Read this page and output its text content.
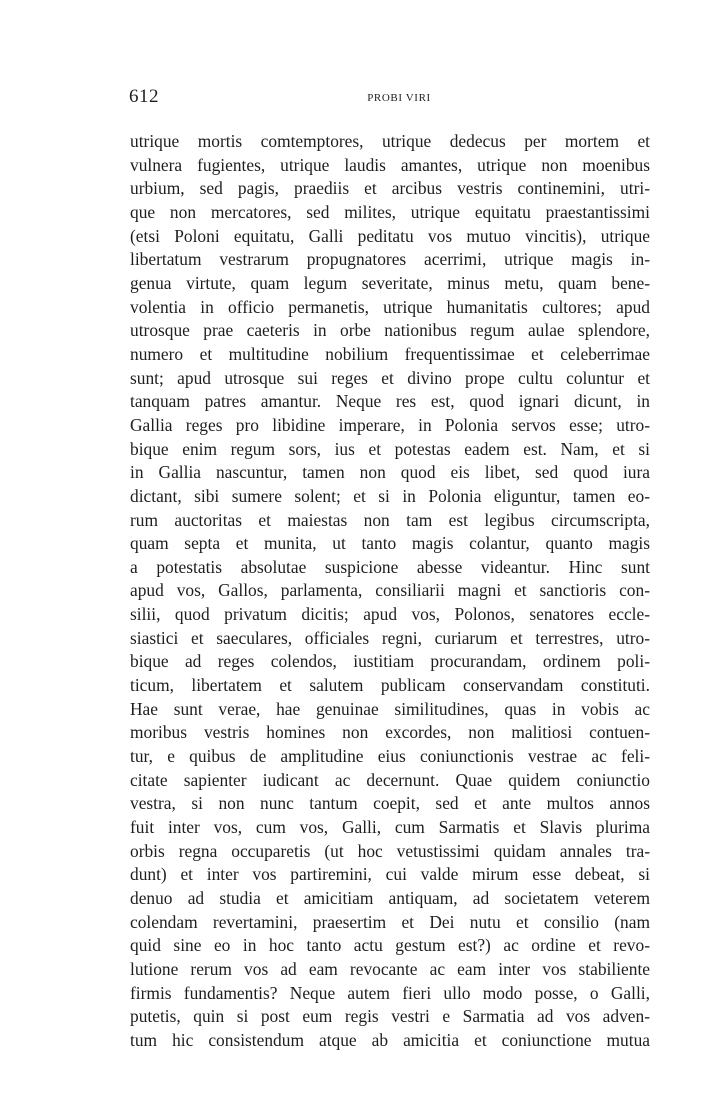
612	PROBI VIRI
utrique mortis comtemptores, utrique dedecus per mortem et
vulnera fugientes, utrique laudis amantes, utrique non moenibus
urbium, sed pagis, praediis et arcibus vestris continemini, utri-
que non mercatores, sed milites, utrique equitatu praestantissimi
(etsi Poloni equitatu, Galli peditatu vos mutuo vincitis), utrique
libertatum vestrarum propugnatores acerrimi, utrique magis in-
genua virtute, quam legum severitate, minus metu, quam bene-
volentia in officio permanetis, utrique humanitatis cultores; apud
utrosque prae caeteris in orbe nationibus regum aulae splendore,
numero et multitudine nobilium frequentissimae et celeberrimae
sunt; apud utrosque sui reges et divino prope cultu coluntur et
tanquam patres amantur. Neque res est, quod ignari dicunt, in
Gallia reges pro libidine imperare, in Polonia servos esse; utro-
bique enim regum sors, ius et potestas eadem est. Nam, et si
in Gallia nascuntur, tamen non quod eis libet, sed quod iura
dictant, sibi sumere solent; et si in Polonia eliguntur, tamen eo-
rum auctoritas et maiestas non tam est legibus circumscripta,
quam septa et munita, ut tanto magis colantur, quanto magis
a potestatis absolutae suspicione abesse videantur. Hinc sunt
apud vos, Gallos, parlamenta, consiliarii magni et sanctioris con-
silii, quod privatum dicitis; apud vos, Polonos, senatores eccle-
siastici et saeculares, officiales regni, curiarum et terrestres, utro-
bique ad reges colendos, iustitiam procurandam, ordinem poli-
ticum, libertatem et salutem publicam conservandam constituti.
Hae sunt verae, hae genuinae similitudines, quas in vobis ac
moribus vestris homines non excordes, non malitiosi contuen-
tur, e quibus de amplitudine eius coniunctionis vestrae ac feli-
citate sapienter iudicant ac decernunt. Quae quidem coniunctio
vestra, si non nunc tantum coepit, sed et ante multos annos
fuit inter vos, cum vos, Galli, cum Sarmatis et Slavis plurima
orbis regna occuparetis (ut hoc vetustissimi quidam annales tra-
dunt) et inter vos partiremini, cui valde mirum esse debeat, si
denuo ad studia et amicitiam antiquam, ad societatem veterem
colendam revertamini, praesertim et Dei nutu et consilio (nam
quid sine eo in hoc tanto actu gestum est?) ac ordine et revo-
lutione rerum vos ad eam revocante ac eam inter vos stabiliente
firmis fundamentis? Neque autem fieri ullo modo posse, o Galli,
putetis, quin si post eum regis vestri e Sarmatia ad vos adven-
tum hic consistendum atque ab amicitia et coniunctione mutua
